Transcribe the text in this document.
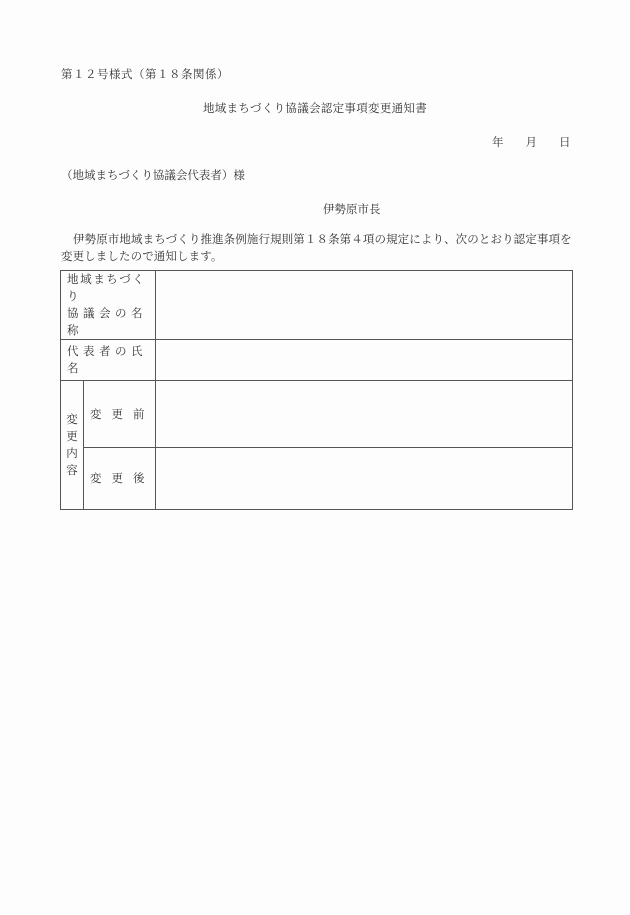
第１２号様式（第１８条関係）
地域まちづくり協議会認定事項変更通知書
年 月 日
（地域まちづくり協議会代表者）様
伊勢原市長
伊勢原市地域まちづくり推進条例施行規則第１８条第４項の規定により、次のとおり認定事項を変更しましたので通知します。
地域まちづくり
協議会の名称		

代表者の氏名		

変
更
内
容	変更前	
	変更後	
